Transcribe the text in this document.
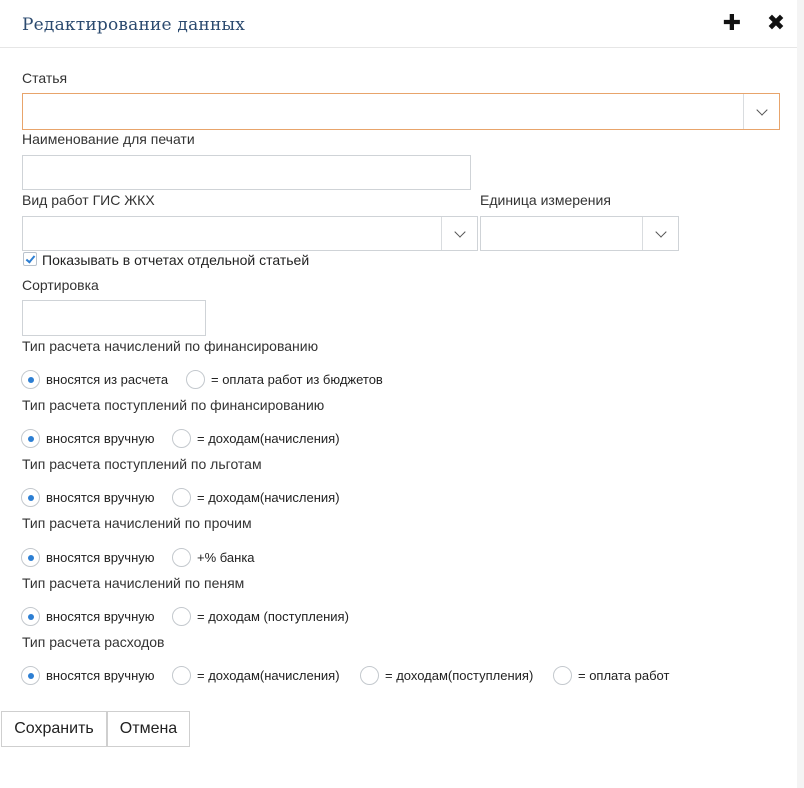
Редактирование данных	✚ ✖
Статья
Наименование для печати
Вид работ ГИС ЖКХ	Единица измерения
Показывать в отчетах отдельной статьей
Сортировка
Тип расчета начислений по финансированию
вносятся из расчета	= оплата работ из бюджетов
Тип расчета поступлений по финансированию
вносятся вручную	= доходам(начисления)
Тип расчета поступлений по льготам
вносятся вручную	= доходам(начисления)
Тип расчета начислений по прочим
вносятся вручную	+% банка
Тип расчета начислений по пеням
вносятся вручную	= доходам (поступления)
Тип расчета расходов
вносятся вручную	= доходам(начисления)	= доходам(поступления)	= оплата работ
Сохранить	Отмена
